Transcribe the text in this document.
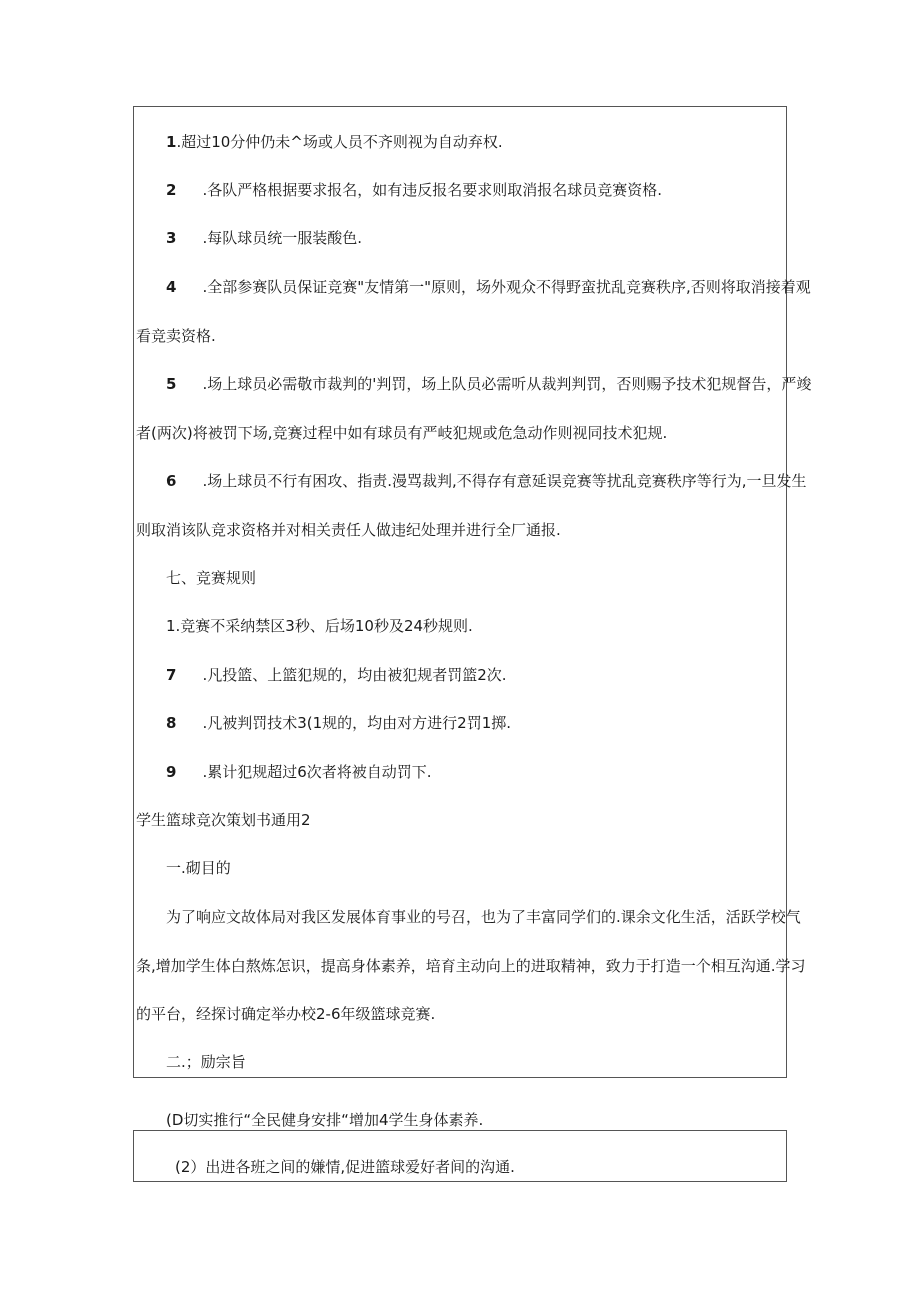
1.超过10分仲仍未^场或人员不齐则视为自动弃权.
2 .各队严格根据要求报名，如有违反报名要求则取消报名球员竞赛资格.
3 .每队球员统一服装酸色.
4 .全部参赛队员保证竞赛"友情第一"原则，场外观众不得野蛮扰乱竞赛秩序,否则将取消接着观
看竞卖资格.
5 .场上球员必需敬市裁判的'判罚，场上队员必需听从裁判判罚，否则赐予技术犯规督告，严竣
者(两次)将被罚下场,竞赛过程中如有球员有严岐犯规或危急动作则视同技术犯规.
6 .场上球员不行有困攻、指责.漫骂裁判,不得存有意延误竞赛等扰乱竞赛秩序等行为,一旦发生
则取消该队竞求资格并对相关责任人做违纪处理并进行全厂通报.
七、竞赛规则
1.竞赛不采纳禁区3秒、后场10秒及24秒规则.
7 .凡投篮、上篮犯规的，均由被犯规者罚篮2次.
8 .凡被判罚技术3(1规的，均由对方进行2罚1掷.
9 .累计犯规超过6次者将被自动罚下.
学生篮球竞次策划书通用2
一.砌目的
为了响应文故体局对我区发展体育事业的号召，也为了丰富同学们的.课余文化生活，活跃学校气
条,增加学生体白熬炼怎识，提高身体素养，培育主动向上的进取精神，致力于打造一个相互沟通.学习
的平台，经探讨确定举办校2-6年级篮球竞赛.
二.；励宗旨
(D切实推行“全民健身安排“增加4学生身体素养.
(2）出进各班之间的嫌情,促进篮球爱好者间的沟通.
